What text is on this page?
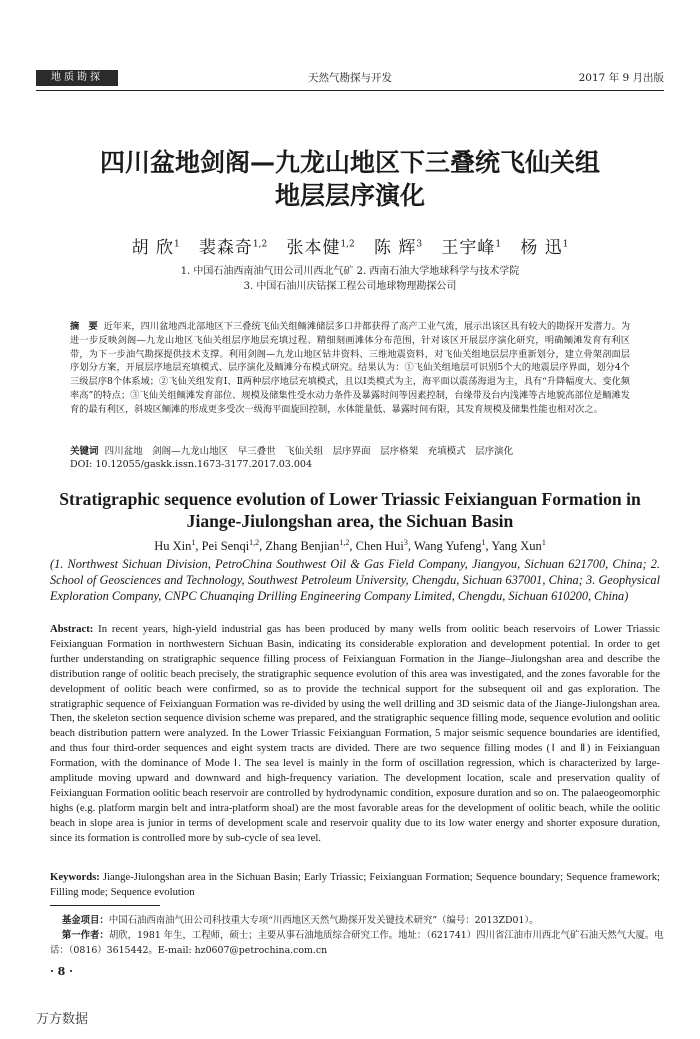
地质勘探	天然气勘探与开发	2017 年 9 月出版
四川盆地剑阁—九龙山地区下三叠统飞仙关组
地层层序演化
胡 欣$^1$ 裴森奇$^{1,2}$ 张本健$^{1,2}$ 陈 辉$^3$ 王宇峰$^1$ 杨 迅$^1$
1. 中国石油西南油气田公司川西北气矿 2. 西南石油大学地球科学与技术学院
3. 中国石油川庆钻探工程公司地球物理勘探公司
摘　要 近年来，四川盆地西北部地区下三叠统飞仙关组鲕滩储层多口井都获得了高产工业气流，展示出该区具有较大的勘探开发潜力。为进一步反映剑阁—九龙山地区飞仙关组层序地层充填过程、精细刻画滩体分布范围，针对该区开展层序演化研究，明确鲕滩发育有利区带，为下一步油气勘探提供技术支撑。利用剑阁—九龙山地区钻井资料、三维地震资料，对飞仙关组地层层序重新划分，建立骨架剖面层序划分方案，开展层序地层充填模式、层序演化及鲕滩分布模式研究。结果认为：①飞仙关组地层可识别5个大的地震层序界面，划分4个三级层序8个体系域；②飞仙关组发育Ⅰ、Ⅱ两种层序地层充填模式，且以Ⅰ类模式为主，海平面以震荡海退为主，具有“升降幅度大、变化频率高”的特点；③飞仙关组鲕滩发育部位、规模及储集性受水动力条件及暴露时间等因素控制，台缘带及台内浅滩等古地貌高部位是鲕滩发育的最有利区，斜坡区鲕滩的形成更多受次一级海平面旋回控制，水体能量低、暴露时间有限，其发育规模及储集性能也相对次之。
关键词 四川盆地　剑阁—九龙山地区　早三叠世　飞仙关组　层序界面　层序格架　充填模式　层序演化
DOI: 10.12055/gaskk.issn.1673-3177.2017.03.004
Stratigraphic sequence evolution of Lower Triassic Feixianguan Formation in Jiange-Jiulongshan area, the Sichuan Basin
Hu Xin$^1$, Pei Senqi$^{1,2}$, Zhang Benjian$^{1,2}$, Chen Hui$^3$, Wang Yufeng$^1$, Yang Xun$^1$
(1. Northwest Sichuan Division, PetroChina Southwest Oil & Gas Field Company, Jiangyou, Sichuan 621700, China; 2. School of Geosciences and Technology, Southwest Petroleum University, Chengdu, Sichuan 637001, China; 3. Geophysical Exploration Company, CNPC Chuanqing Drilling Engineering Company Limited, Chengdu, Sichuan 610200, China)
Abstract: In recent years, high-yield industrial gas has been produced by many wells from oolitic beach reservoirs of Lower Triassic Feixianguan Formation in northwestern Sichuan Basin, indicating its considerable exploration and development potential. In order to get further understanding on stratigraphic sequence filling process of Feixianguan Formation in the Jiange–Jiulongshan area and describe the distribution range of oolitic beach precisely, the stratigraphic sequence evolution of this area was investigated, and the zones favorable for the development of oolitic beach were confirmed, so as to provide the technical support for the subsequent oil and gas exploration. The stratigraphic sequence of Feixianguan Formation was re-divided by using the well drilling and 3D seismic data of the Jiange-Jiulongshan area. Then, the skeleton section sequence division scheme was prepared, and the stratigraphic sequence filling mode, sequence evolution and oolitic beach distribution pattern were analyzed. In the Lower Triassic Feixianguan Formation, 5 major seismic sequence boundaries are identified, and thus four third-order sequences and eight system tracts are divided. There are two sequence filling modes (Ⅰ and Ⅱ) in Feixianguan Formation, with the dominance of Mode Ⅰ. The sea level is mainly in the form of oscillation regression, which is characterized by large-amplitude moving upward and downward and high-frequency variation. The development location, scale and preservation quality of Feixianguan Formation oolitic beach reservoir are controlled by hydrodynamic condition, exposure duration and so on. The palaeogeomorphic highs (e.g. platform margin belt and intra-platform shoal) are the most favorable areas for the development of oolitic beach, while the oolitic beach in slope area is junior in terms of development scale and reservoir quality due to its low water energy and shorter exposure duration, since its formation is controlled more by sub-cycle of sea level.
Keywords: Jiange-Jiulongshan area in the Sichuan Basin; Early Triassic; Feixianguan Formation; Sequence boundary; Sequence framework; Filling mode; Sequence evolution
基金项目：中国石油西南油气田公司科技重大专项“川西地区天然气勘探开发关键技术研究”（编号：2013ZD01）。
第一作者：胡欣，1981 年生，工程师，硕士；主要从事石油地质综合研究工作。地址：（621741）四川省江油市川西北气矿石油天然气大厦。电话：（0816）3615442。E-mail: hz0607@petrochina.com.cn
· 8 ·
万方数据
